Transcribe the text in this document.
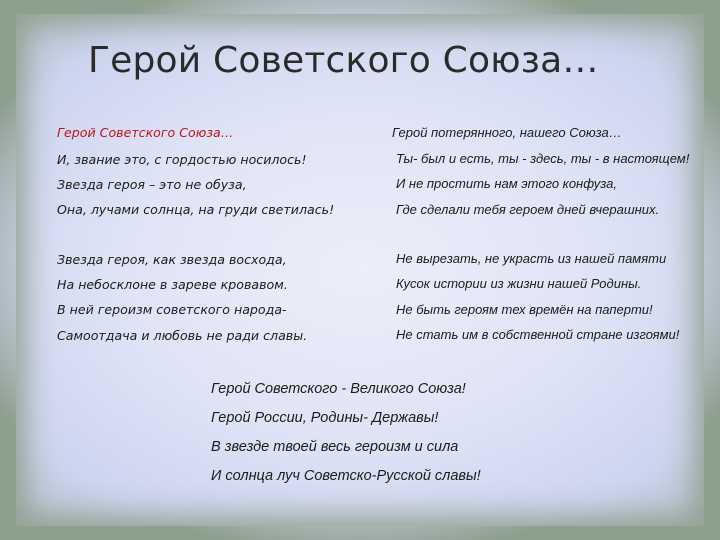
Герой Советского Союза…
Герой Советского Союза…
И, звание это, с гордостью носилось!
Звезда героя – это не обуза,
Она, лучами солнца, на груди светилась!
Звезда героя, как звезда восхода,
На небосклоне в зареве кровавом.
В ней героизм советского народа-
Самоотдача и любовь не ради славы.
Герой потерянного, нашего Союза…
Ты- был и есть, ты - здесь, ты - в настоящем!
И не простить нам этого конфуза,
Где сделали тебя героем дней вчерашних.
Не вырезать, не украсть из нашей памяти
Кусок истории из жизни нашей Родины.
Не быть героям тех времён на паперти!
Не стать им в собственной стране изгоями!
Герой Советского - Великого Союза!
Герой России, Родины- Державы!
В звезде твоей весь героизм и сила
И солнца луч Советско-Русской славы!
